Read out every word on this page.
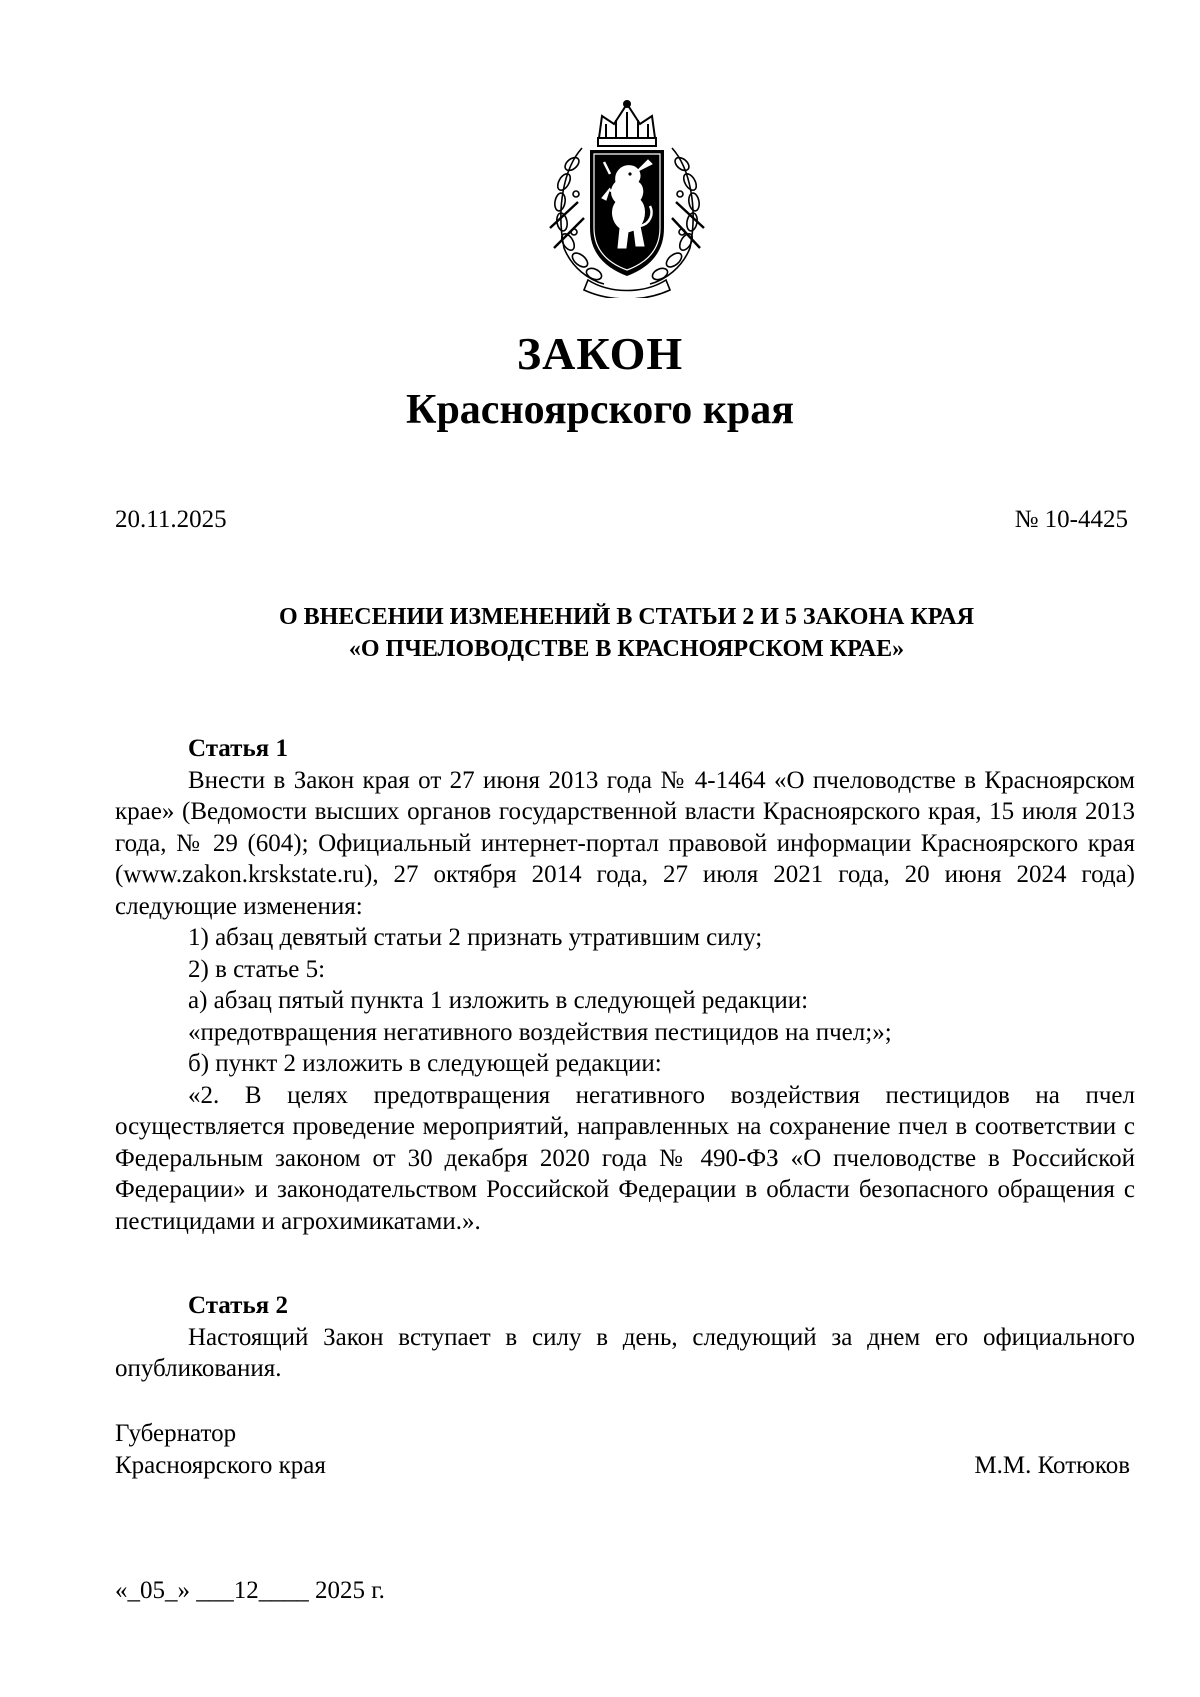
ЗАКОН
Красноярского края
20.11.2025	№ 10-4425
О ВНЕСЕНИИ ИЗМЕНЕНИЙ В СТАТЬИ 2 И 5 ЗАКОНА КРАЯ
«О ПЧЕЛОВОДСТВЕ В КРАСНОЯРСКОМ КРАЕ»
Статья 1

Внести в Закон края от 27 июня 2013 года № 4-1464 «О пчеловодстве в Красноярском крае» (Ведомости высших органов государственной власти Красноярского края, 15 июля 2013 года, № 29 (604); Официальный интернет-портал правовой информации Красноярского края (www.zakon.krskstate.ru), 27 октября 2014 года, 27 июля 2021 года, 20 июня 2024 года) следующие изменения:

1) абзац девятый статьи 2 признать утратившим силу;

2) в статье 5:

а) абзац пятый пункта 1 изложить в следующей редакции:

«предотвращения негативного воздействия пестицидов на пчел;»;

б) пункт 2 изложить в следующей редакции:

«2. В целях предотвращения негативного воздействия пестицидов на пчел осуществляется проведение мероприятий, направленных на сохранение пчел в соответствии с Федеральным законом от 30 декабря 2020 года № 490-ФЗ «О пчеловодстве в Российской Федерации» и законодательством Российской Федерации в области безопасного обращения с пестицидами и агрохимикатами.».

Статья 2

Настоящий Закон вступает в силу в день, следующий за днем его официального опубликования.

Губернатор
Красноярского края	М.М. Котюков
«_05_» ___12____ 2025 г.
